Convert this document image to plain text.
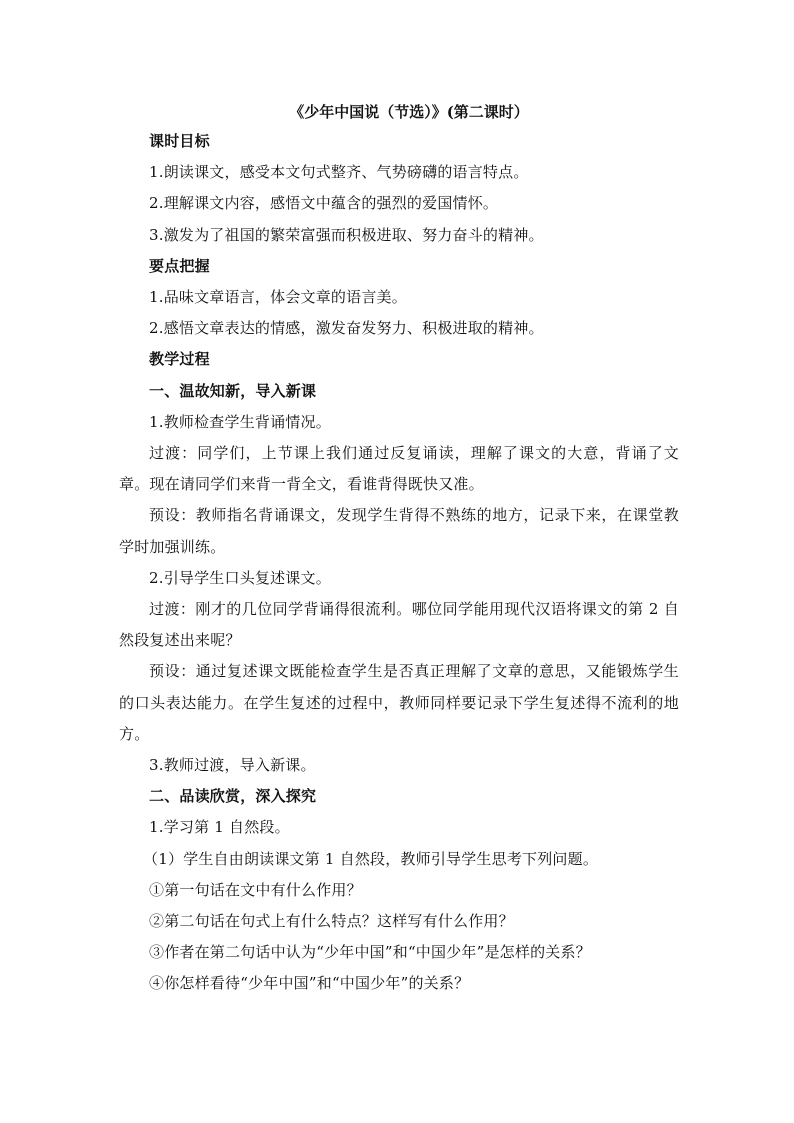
《少年中国说（节选）》(第二课时）

课时目标

1.朗读课文，感受本文句式整齐、气势磅礴的语言特点。

2.理解课文内容，感悟文中蕴含的强烈的爱国情怀。

3.激发为了祖国的繁荣富强而积极进取、努力奋斗的精神。

要点把握

1.品味文章语言，体会文章的语言美。

2.感悟文章表达的情感，激发奋发努力、积极进取的精神。

教学过程

一、温故知新，导入新课

1.教师检查学生背诵情况。

过渡：同学们，上节课上我们通过反复诵读，理解了课文的大意，背诵了文章。现在请同学们来背一背全文，看谁背得既快又准。

预设：教师指名背诵课文，发现学生背得不熟练的地方，记录下来，在课堂教学时加强训练。

2.引导学生口头复述课文。

过渡：刚才的几位同学背诵得很流利。哪位同学能用现代汉语将课文的第 2 自然段复述出来呢？

预设：通过复述课文既能检查学生是否真正理解了文章的意思，又能锻炼学生的口头表达能力。在学生复述的过程中，教师同样要记录下学生复述得不流利的地方。

3.教师过渡，导入新课。

二、品读欣赏，深入探究

1.学习第 1 自然段。

（1）学生自由朗读课文第 1 自然段，教师引导学生思考下列问题。

①第一句话在文中有什么作用？

②第二句话在句式上有什么特点？这样写有什么作用？

③作者在第二句话中认为“少年中国”和“中国少年”是怎样的关系？

④你怎样看待“少年中国”和“中国少年”的关系？
